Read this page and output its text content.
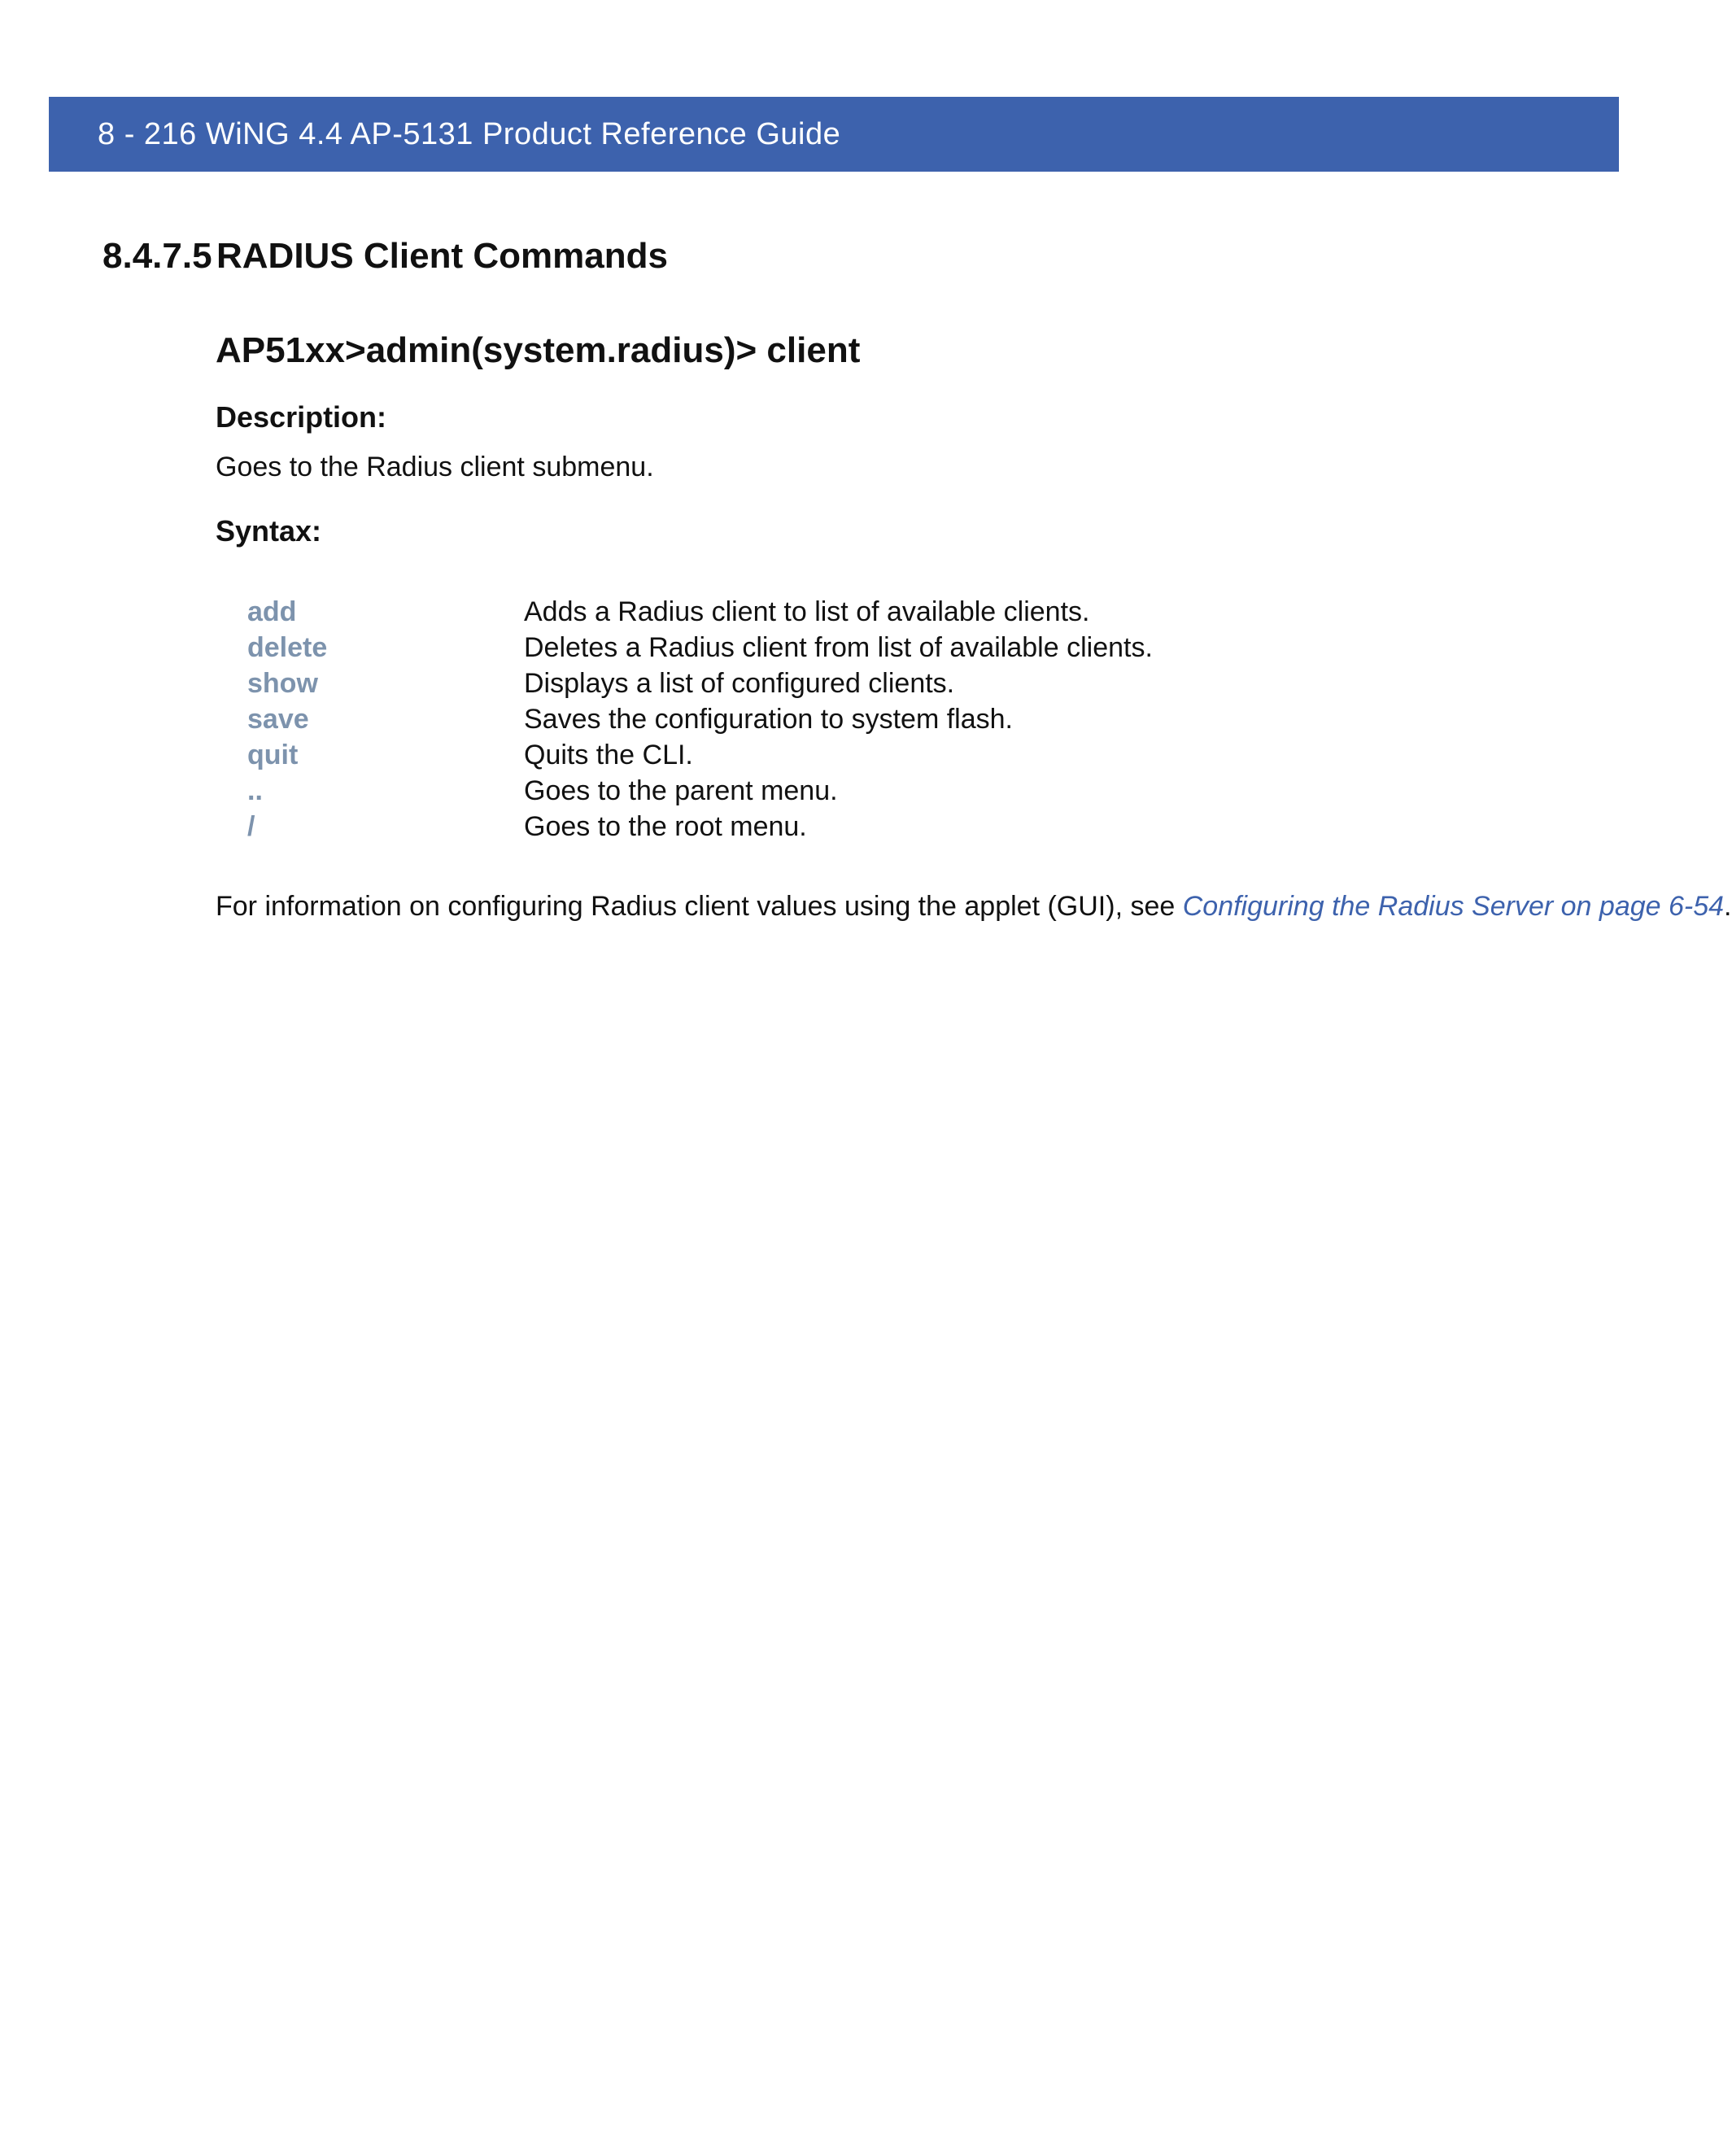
8 - 216 WiNG 4.4 AP-5131 Product Reference Guide
8.4.7.5 RADIUS Client Commands
AP51xx>admin(system.radius)> client
Description:
Goes to the Radius client submenu.
Syntax:
add	Adds a Radius client to list of available clients.
delete	Deletes a Radius client from list of available clients.
show	Displays a list of configured clients.
save	Saves the configuration to system flash.
quit	Quits the CLI.
..	Goes to the parent menu.
/	Goes to the root menu.
For information on configuring Radius client values using the applet (GUI), see Configuring the Radius Server on page 6-54.
